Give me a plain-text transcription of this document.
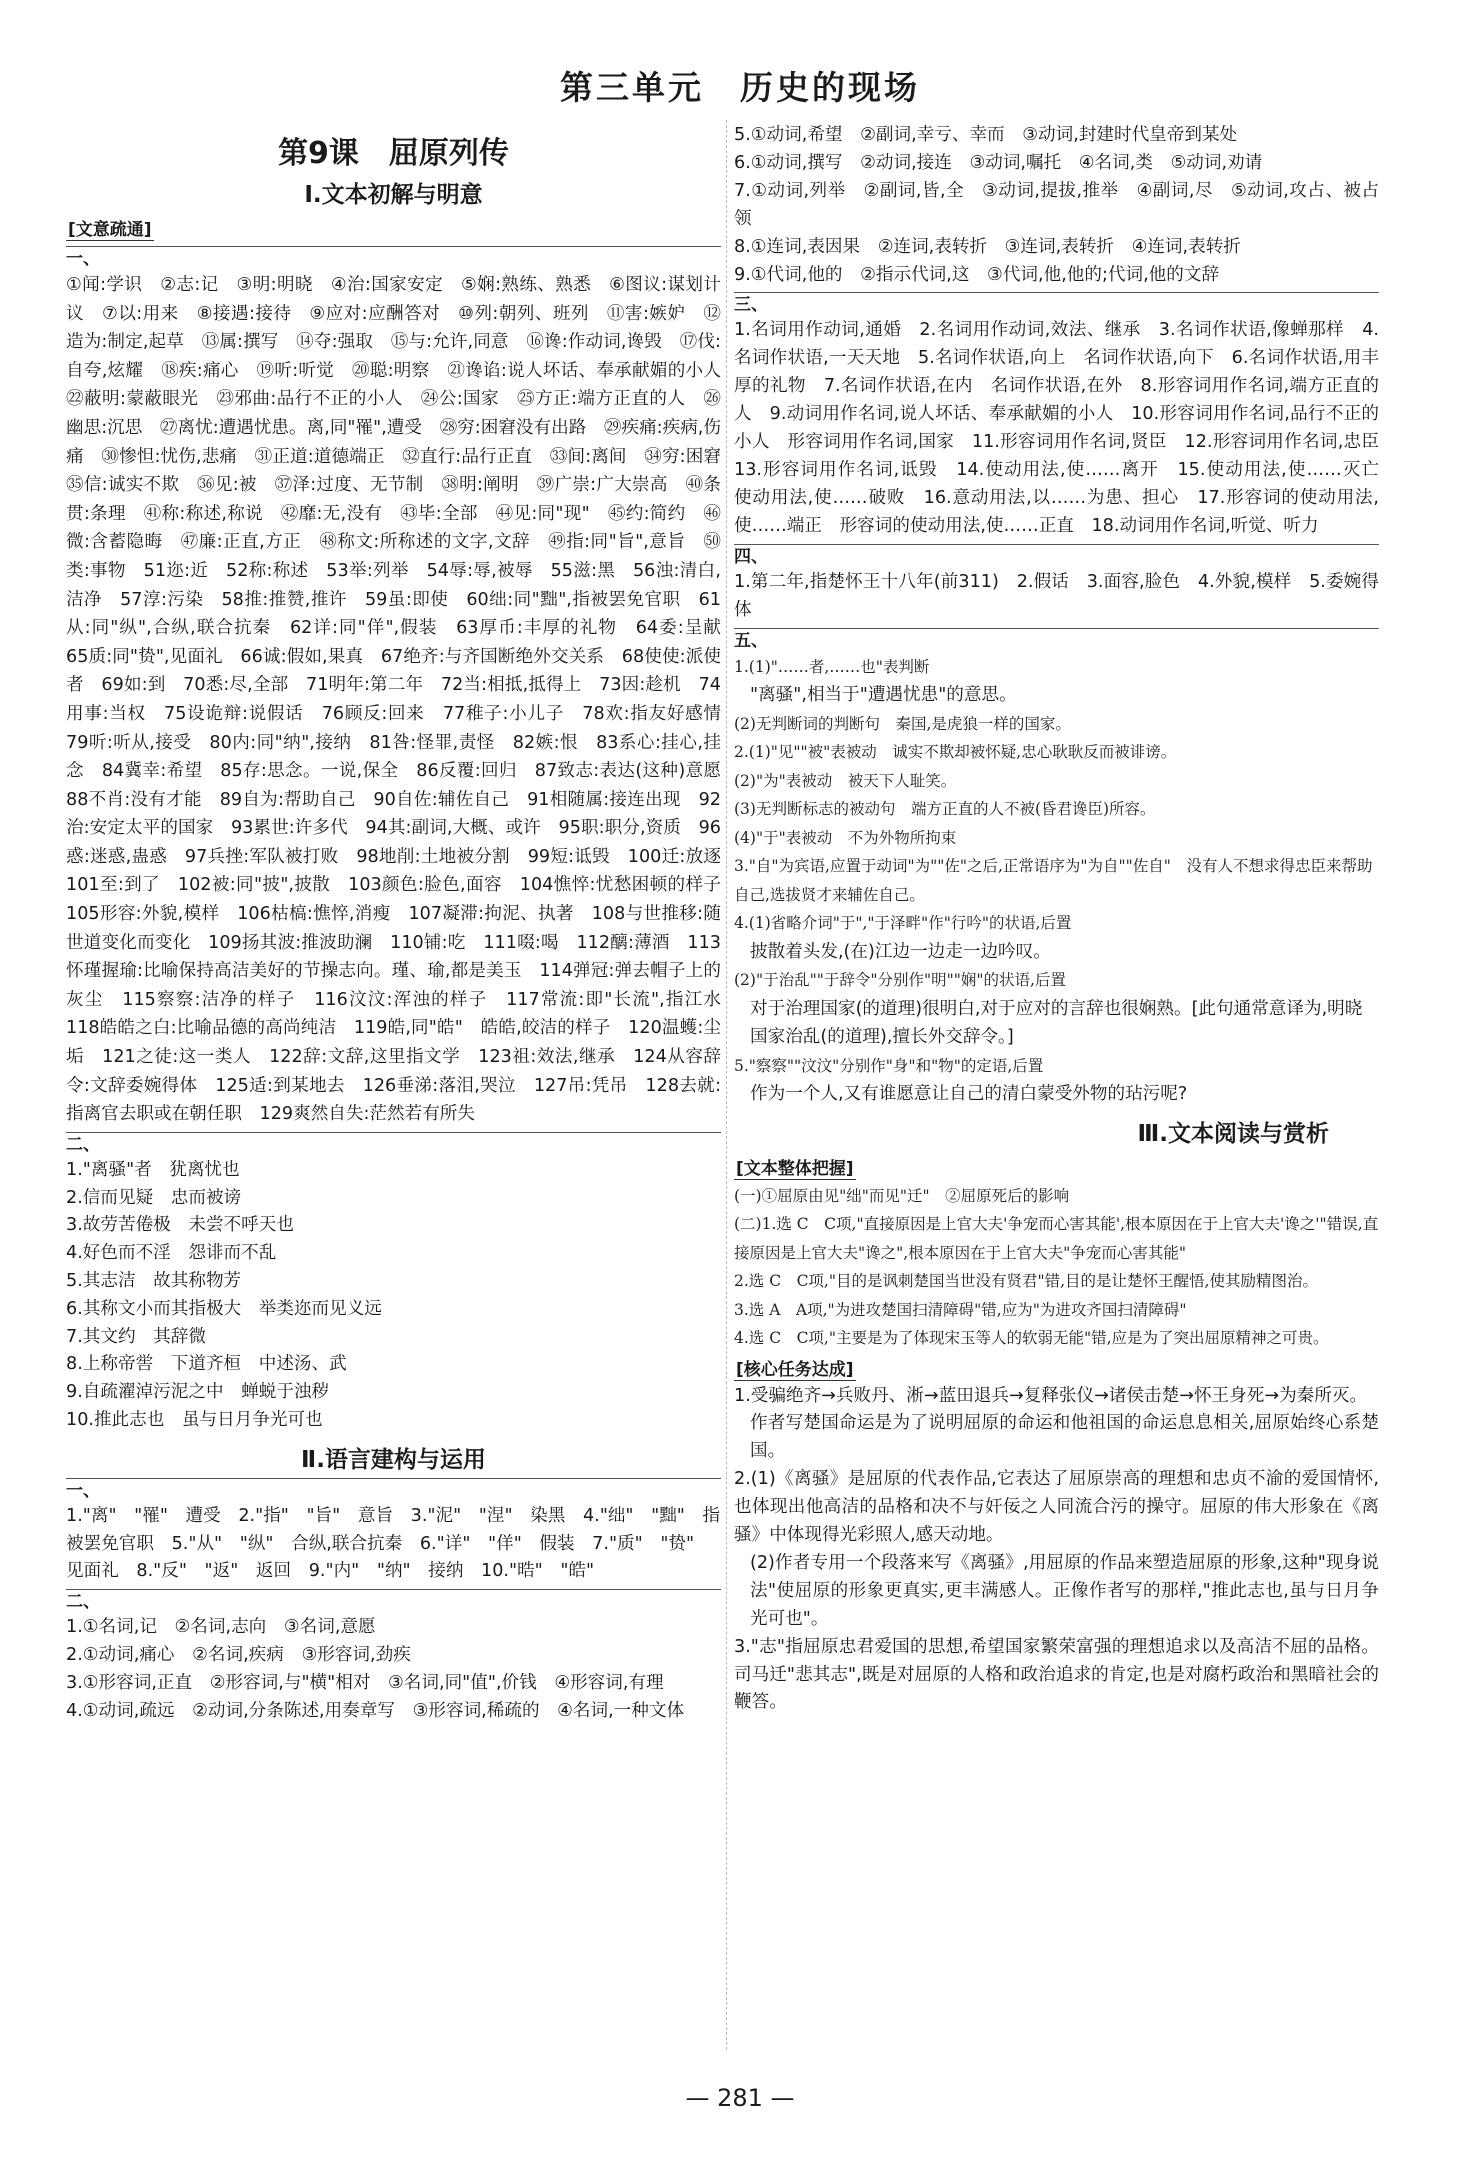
第三单元　历史的现场
第9课　屈原列传
Ⅰ.文本初解与明意
[ 文意疏通 ]
一、
①闻:学识　②志:记　③明:明晓　④治:国家安定　⑤娴:熟练、熟悉　⑥图议:谋划计议　⑦以:用来　⑧接遇:接待　⑨应对:应酬答对　⑩列:朝列、班列　⑪害:嫉妒　⑫造为:制定,起草　⑬属:撰写　⑭夺:强取　⑮与:允许,同意　⑯谗:作动词,谗毁　⑰伐:自夸,炫耀　⑱疾:痛心　⑲听:听觉　⑳聪:明察　㉑谗谄:说人坏话、奉承献媚的小人　㉒蔽明:蒙蔽眼光　㉓邪曲:品行不正的小人　㉔公:国家　㉕方正:端方正直的人　㉖幽思:沉思　㉗离忧:遭遇忧患。离,同"罹",遭受　㉘穷:困窘没有出路　㉙疾痛:疾病,伤痛　㉚惨怛:忧伤,悲痛　㉛正道:道德端正　㉜直行:品行正直　㉝间:离间　㉞穷:困窘　㉟信:诚实不欺　㊱见:被　㊲泽:过度、无节制　㊳明:阐明　㊴广崇:广大崇高　㊵条贯:条理　㊶称:称述,称说　㊷靡:无,没有　㊸毕:全部　㊹见:同"现"　㊺约:简约　㊻微:含蓄隐晦　㊼廉:正直,方正　㊽称文:所称述的文字,文辞　㊾指:同"旨",意旨　㊿类:事物　51迩:近　52称:称述　53举:列举　54辱:辱,被辱　55滋:黑　56浊:清白,洁净　57淳:污染　58推:推赞,推许　59虽:即使　60绌:同"黜",指被罢免官职　61从:同"纵",合纵,联合抗秦　62详:同"佯",假装　63厚币:丰厚的礼物　64委:呈献　65质:同"贽",见面礼　66诚:假如,果真　67绝齐:与齐国断绝外交关系　68使使:派使者　69如:到　70悉:尽,全部　71明年:第二年　72当:相抵,抵得上　73因:趁机　74用事:当权　75设诡辩:说假话　76顾反:回来　77稚子:小儿子　78欢:指友好感情　79听:听从,接受　80内:同"纳",接纳　81咎:怪罪,责怪　82嫉:恨　83系心:挂心,挂念　84冀幸:希望　85存:思念。一说,保全　86反覆:回归　87致志:表达(这种)意愿　88不肖:没有才能　89自为:帮助自己　90自佐:辅佐自己　91相随属:接连出现　92治:安定太平的国家　93累世:许多代　94其:副词,大概、或许　95职:职分,资质　96惑:迷惑,蛊惑　97兵挫:军队被打败　98地削:土地被分割　99短:诋毁　100迁:放逐　101至:到了　102被:同"披",披散　103颜色:脸色,面容　104憔悴:忧愁困顿的样子　105形容:外貌,模样　106枯槁:憔悴,消瘦　107凝滞:拘泥、执著　108与世推移:随世道变化而变化　109扬其波:推波助澜　110铺:吃　111啜:喝　112醨:薄酒　113怀瑾握瑜:比喻保持高洁美好的节操志向。瑾、瑜,都是美玉　114弹冠:弹去帽子上的灰尘　115察察:洁净的样子　116汶汶:浑浊的样子　117常流:即"长流",指江水　118皓皓之白:比喻品德的高尚纯洁　119皓,同"皓"　皓皓,皎洁的样子　120温蠖:尘垢　121之徒:这一类人　122辞:文辞,这里指文学　123祖:效法,继承　124从容辞令:文辞委婉得体　125适:到某地去　126垂涕:落泪,哭泣　127吊:凭吊　128去就:指离官去职或在朝任职　129爽然自失:茫然若有所失
二、
1."离骚"者　犹离忧也
2.信而见疑　忠而被谤
3.故劳苦倦极　未尝不呼天也
4.好色而不淫　怨诽而不乱
5.其志洁　故其称物芳
6.其称文小而其指极大　举类迩而见义远
7.其文约　其辞微
8.上称帝喾　下道齐桓　中述汤、武
9.自疏濯淖污泥之中　蝉蜕于浊秽
10.推此志也　虽与日月争光可也
Ⅱ.语言建构与运用
一、
1."离"　"罹"　遭受　2."指"　"旨"　意旨　3."泥"　"涅"　染黑　4."绌"　"黜"　指被罢免官职　5."从"　"纵"　合纵,联合抗秦　6."详"　"佯"　假装　7."质"　"贽"　见面礼　8."反"　"返"　返回　9."内"　"纳"　接纳　10."晧"　"皓"
二、
1.①名词,记　②名词,志向　③名词,意愿
2.①动词,痛心　②名词,疾病　③形容词,劲疾
3.①形容词,正直　②形容词,与"横"相对　③名词,同"值",价钱　④形容词,有理
4.①动词,疏远　②动词,分条陈述,用奏章写　③形容词,稀疏的　④名词,一种文体
5.①动词,希望　②副词,幸亏、幸而　③动词,封建时代皇帝到某处
6.①动词,撰写　②动词,接连　③动词,嘱托　④名词,类　⑤动词,劝请
7.①动词,列举　②副词,皆,全　③动词,提拔,推举　④副词,尽　⑤动词,攻占、被占领
8.①连词,表因果　②连词,表转折　③连词,表转折　④连词,表转折
9.①代词,他的　②指示代词,这　③代词,他,他的;代词,他的文辞
三、
1.名词用作动词,通婚　2.名词用作动词,效法、继承　3.名词作状语,像蝉那样　4.名词作状语,一天天地　5.名词作状语,向上　名词作状语,向下　6.名词作状语,用丰厚的礼物　7.名词作状语,在内　名词作状语,在外　8.形容词用作名词,端方正直的人　9.动词用作名词,说人坏话、奉承献媚的小人　10.形容词用作名词,品行不正的小人　形容词用作名词,国家　11.形容词用作名词,贤臣　12.形容词用作名词,忠臣　13.形容词用作名词,诋毁　14.使动用法,使……离开　15.使动用法,使……灭亡　使动用法,使……破败　16.意动用法,以……为患、担心　17.形容词的使动用法,使……端正　形容词的使动用法,使……正直　18.动词用作名词,听觉、听力
四、
1.第二年,指楚怀王十八年(前311)　2.假话　3.面容,脸色　4.外貌,模样　5.委婉得体
五、
1.(1)"……者,……也"表判断
"离骚",相当于"遭遇忧患"的意思。
(2)无判断词的判断句　秦国,是虎狼一样的国家。
2.(1)"见""被"表被动　诚实不欺却被怀疑,忠心耿耿反而被诽谤。
(2)"为"表被动　被天下人耻笑。
(3)无判断标志的被动句　端方正直的人不被(昏君谗臣)所容。
(4)"于"表被动　不为外物所拘束
3."自"为宾语,应置于动词"为""佐"之后,正常语序为"为自""佐自"　没有人不想求得忠臣来帮助自己,选拔贤才来辅佐自己。
4.(1)省略介词"于","于泽畔"作"行吟"的状语,后置
披散着头发,(在)江边一边走一边吟叹。
(2)"于治乱""于辞令"分别作"明""娴"的状语,后置
对于治理国家(的道理)很明白,对于应对的言辞也很娴熟。[此句通常意译为,明晓国家治乱(的道理),擅长外交辞令。]
5."察察""汶汶"分别作"身"和"物"的定语,后置
作为一个人,又有谁愿意让自己的清白蒙受外物的玷污呢?
Ⅲ.文本阅读与赏析
[ 文本整体把握 ]
(一)①屈原由见"绌"而见"迁"　②屈原死后的影响
(二)1.选 C　C项,"直接原因是上官大夫'争宠而心害其能',根本原因在于上官大夫'谗之'"错误,直接原因是上官大夫"谗之",根本原因在于上官大夫"争宠而心害其能"
2.选 C　C项,"目的是讽刺楚国当世没有贤君"错,目的是让楚怀王醒悟,使其励精图治。
3.选 A　A项,"为进攻楚国扫清障碍"错,应为"为进攻齐国扫清障碍"
4.选 C　C项,"主要是为了体现宋玉等人的软弱无能"错,应是为了突出屈原精神之可贵。
[ 核心任务达成 ]
1.受骗绝齐→兵败丹、淅→蓝田退兵→复释张仪→诸侯击楚→怀王身死→为秦所灭。
作者写楚国命运是为了说明屈原的命运和他祖国的命运息息相关,屈原始终心系楚国。
2.(1)《离骚》是屈原的代表作品,它表达了屈原崇高的理想和忠贞不渝的爱国情怀,也体现出他高洁的品格和决不与奸佞之人同流合污的操守。屈原的伟大形象在《离骚》中体现得光彩照人,感天动地。
(2)作者专用一个段落来写《离骚》,用屈原的作品来塑造屈原的形象,这种"现身说法"使屈原的形象更真实,更丰满感人。正像作者写的那样,"推此志也,虽与日月争光可也"。
3."志"指屈原忠君爱国的思想,希望国家繁荣富强的理想追求以及高洁不屈的品格。司马迁"悲其志",既是对屈原的人格和政治追求的肯定,也是对腐朽政治和黑暗社会的鞭答。
— 281 —
